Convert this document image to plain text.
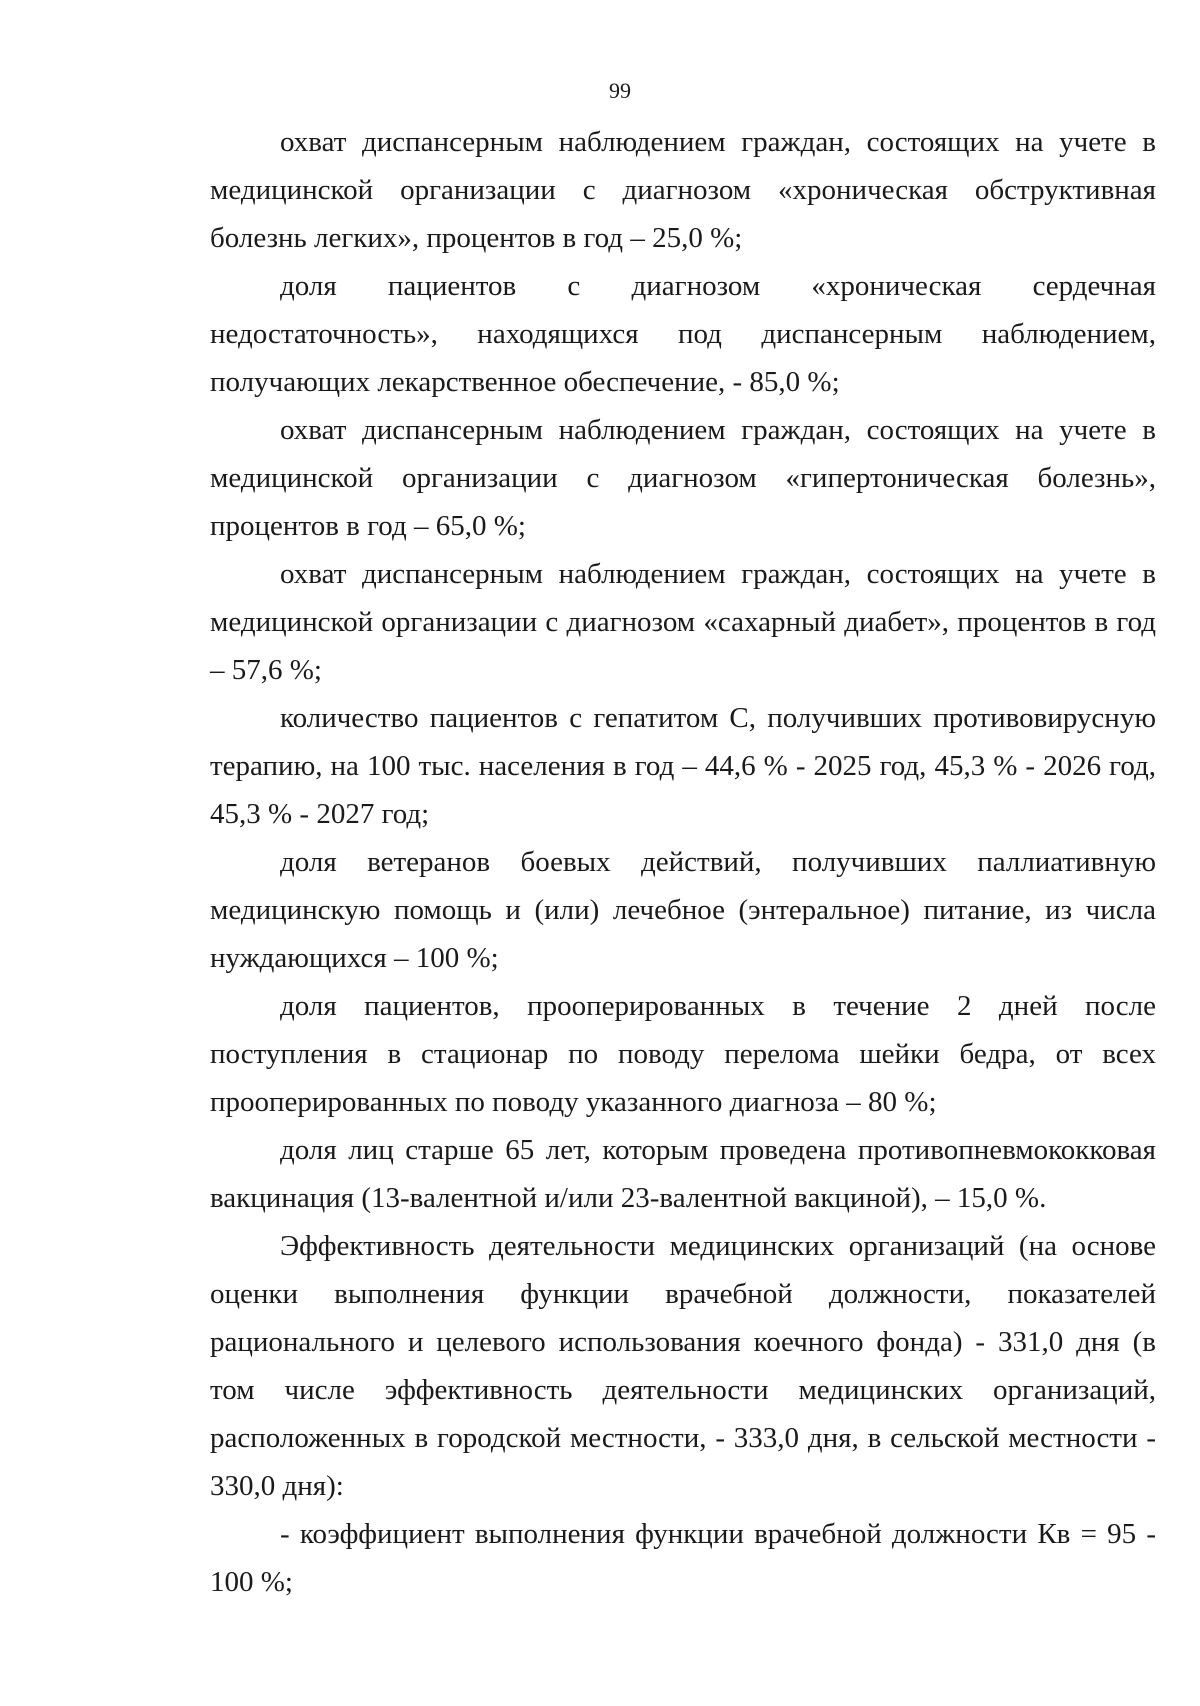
99

охват диспансерным наблюдением граждан, состоящих на учете в медицинской организации с диагнозом «хроническая обструктивная болезнь легких», процентов в год – 25,0 %;

доля пациентов с диагнозом «хроническая сердечная недостаточность», находящихся под диспансерным наблюдением, получающих лекарственное обеспечение, - 85,0 %;

охват диспансерным наблюдением граждан, состоящих на учете в медицинской организации с диагнозом «гипертоническая болезнь», процентов в год – 65,0 %;

охват диспансерным наблюдением граждан, состоящих на учете в медицинской организации с диагнозом «сахарный диабет», процентов в год – 57,6 %;

количество пациентов с гепатитом С, получивших противовирусную терапию, на 100 тыс. населения в год – 44,6 % - 2025 год, 45,3 % - 2026 год, 45,3 % - 2027 год;

доля ветеранов боевых действий, получивших паллиативную медицинскую помощь и (или) лечебное (энтеральное) питание, из числа нуждающихся – 100 %;

доля пациентов, прооперированных в течение 2 дней после поступления в стационар по поводу перелома шейки бедра, от всех прооперированных по поводу указанного диагноза – 80 %;

доля лиц старше 65 лет, которым проведена противопневмококковая вакцинация (13-валентной и/или 23-валентной вакциной), – 15,0 %.

Эффективность деятельности медицинских организаций (на основе оценки выполнения функции врачебной должности, показателей рационального и целевого использования коечного фонда) - 331,0 дня (в том числе эффективность деятельности медицинских организаций, расположенных в городской местности, - 333,0 дня, в сельской местности - 330,0 дня):

- коэффициент выполнения функции врачебной должности Кв = 95 - 100 %;
